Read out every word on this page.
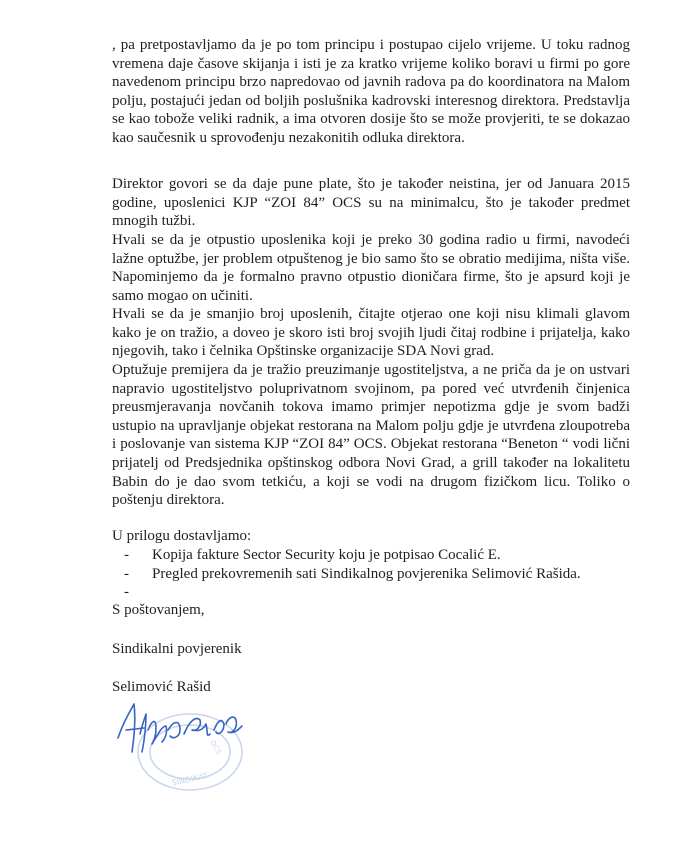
, pa pretpostavljamo da je po tom principu i postupao cijelo vrijeme. U toku radnog vremena daje časove skijanja i isti je za kratko vrijeme koliko boravi u firmi po gore navedenom principu brzo napredovao od javnih radova pa do koordinatora na Malom polju, postajući jedan od boljih poslušnika kadrovski interesnog direktora. Predstavlja se kao tobože veliki radnik, a ima otvoren dosije što se može provjeriti, te se dokazao kao saučesnik u sprovođenju nezakonitih odluka direktora.

Direktor govori se da daje pune plate, što je također neistina, jer od Januara 2015 godine, uposlenici KJP “ZOI 84” OCS su na minimalcu, što je također predmet mnogih tužbi.

Hvali se da je otpustio uposlenika koji je preko 30 godina radio u firmi, navodeći lažne optužbe, jer problem otpuštenog je bio samo što se obratio medijima, ništa više. Napominjemo da je formalno pravno otpustio dioničara firme, što je apsurd koji je samo mogao on učiniti.

Hvali se da je smanjio broj uposlenih, čitajte otjerao one koji nisu klimali glavom kako je on tražio, a doveo je skoro isti broj svojih ljudi čitaj rodbine i prijatelja, kako njegovih, tako i čelnika Opštinske organizacije SDA Novi grad.

Optužuje premijera da je tražio preuzimanje ugostiteljstva, a ne priča da je on ustvari napravio ugostiteljstvo poluprivatnom svojinom, pa pored već utvrđenih činjenica preusmjeravanja novčanih tokova imamo primjer nepotizma gdje je svom badži ustupio na upravljanje objekat restorana na Malom polju gdje je utvrđena zloupotreba i poslovanje van sistema KJP “ZOI 84” OCS. Objekat restorana “Beneton “ vodi lični prijatelj od Predsjednika opštinskog odbora Novi Grad, a grill također na lokalitetu Babin do je dao svom tetkiću, a koji se vodi na drugom fizičkom licu. Toliko o poštenju direktora.

U prilogu dostavljamo:
- Kopija fakture Sector Security koju je potpisao Cocalić E.
- Pregled prekovremenih sati Sindikalnog povjerenika Selimović Rašida.
-

S poštovanjem,
Sindikalni povjerenik
Selimović Rašid
SINDIKAT
OCS
